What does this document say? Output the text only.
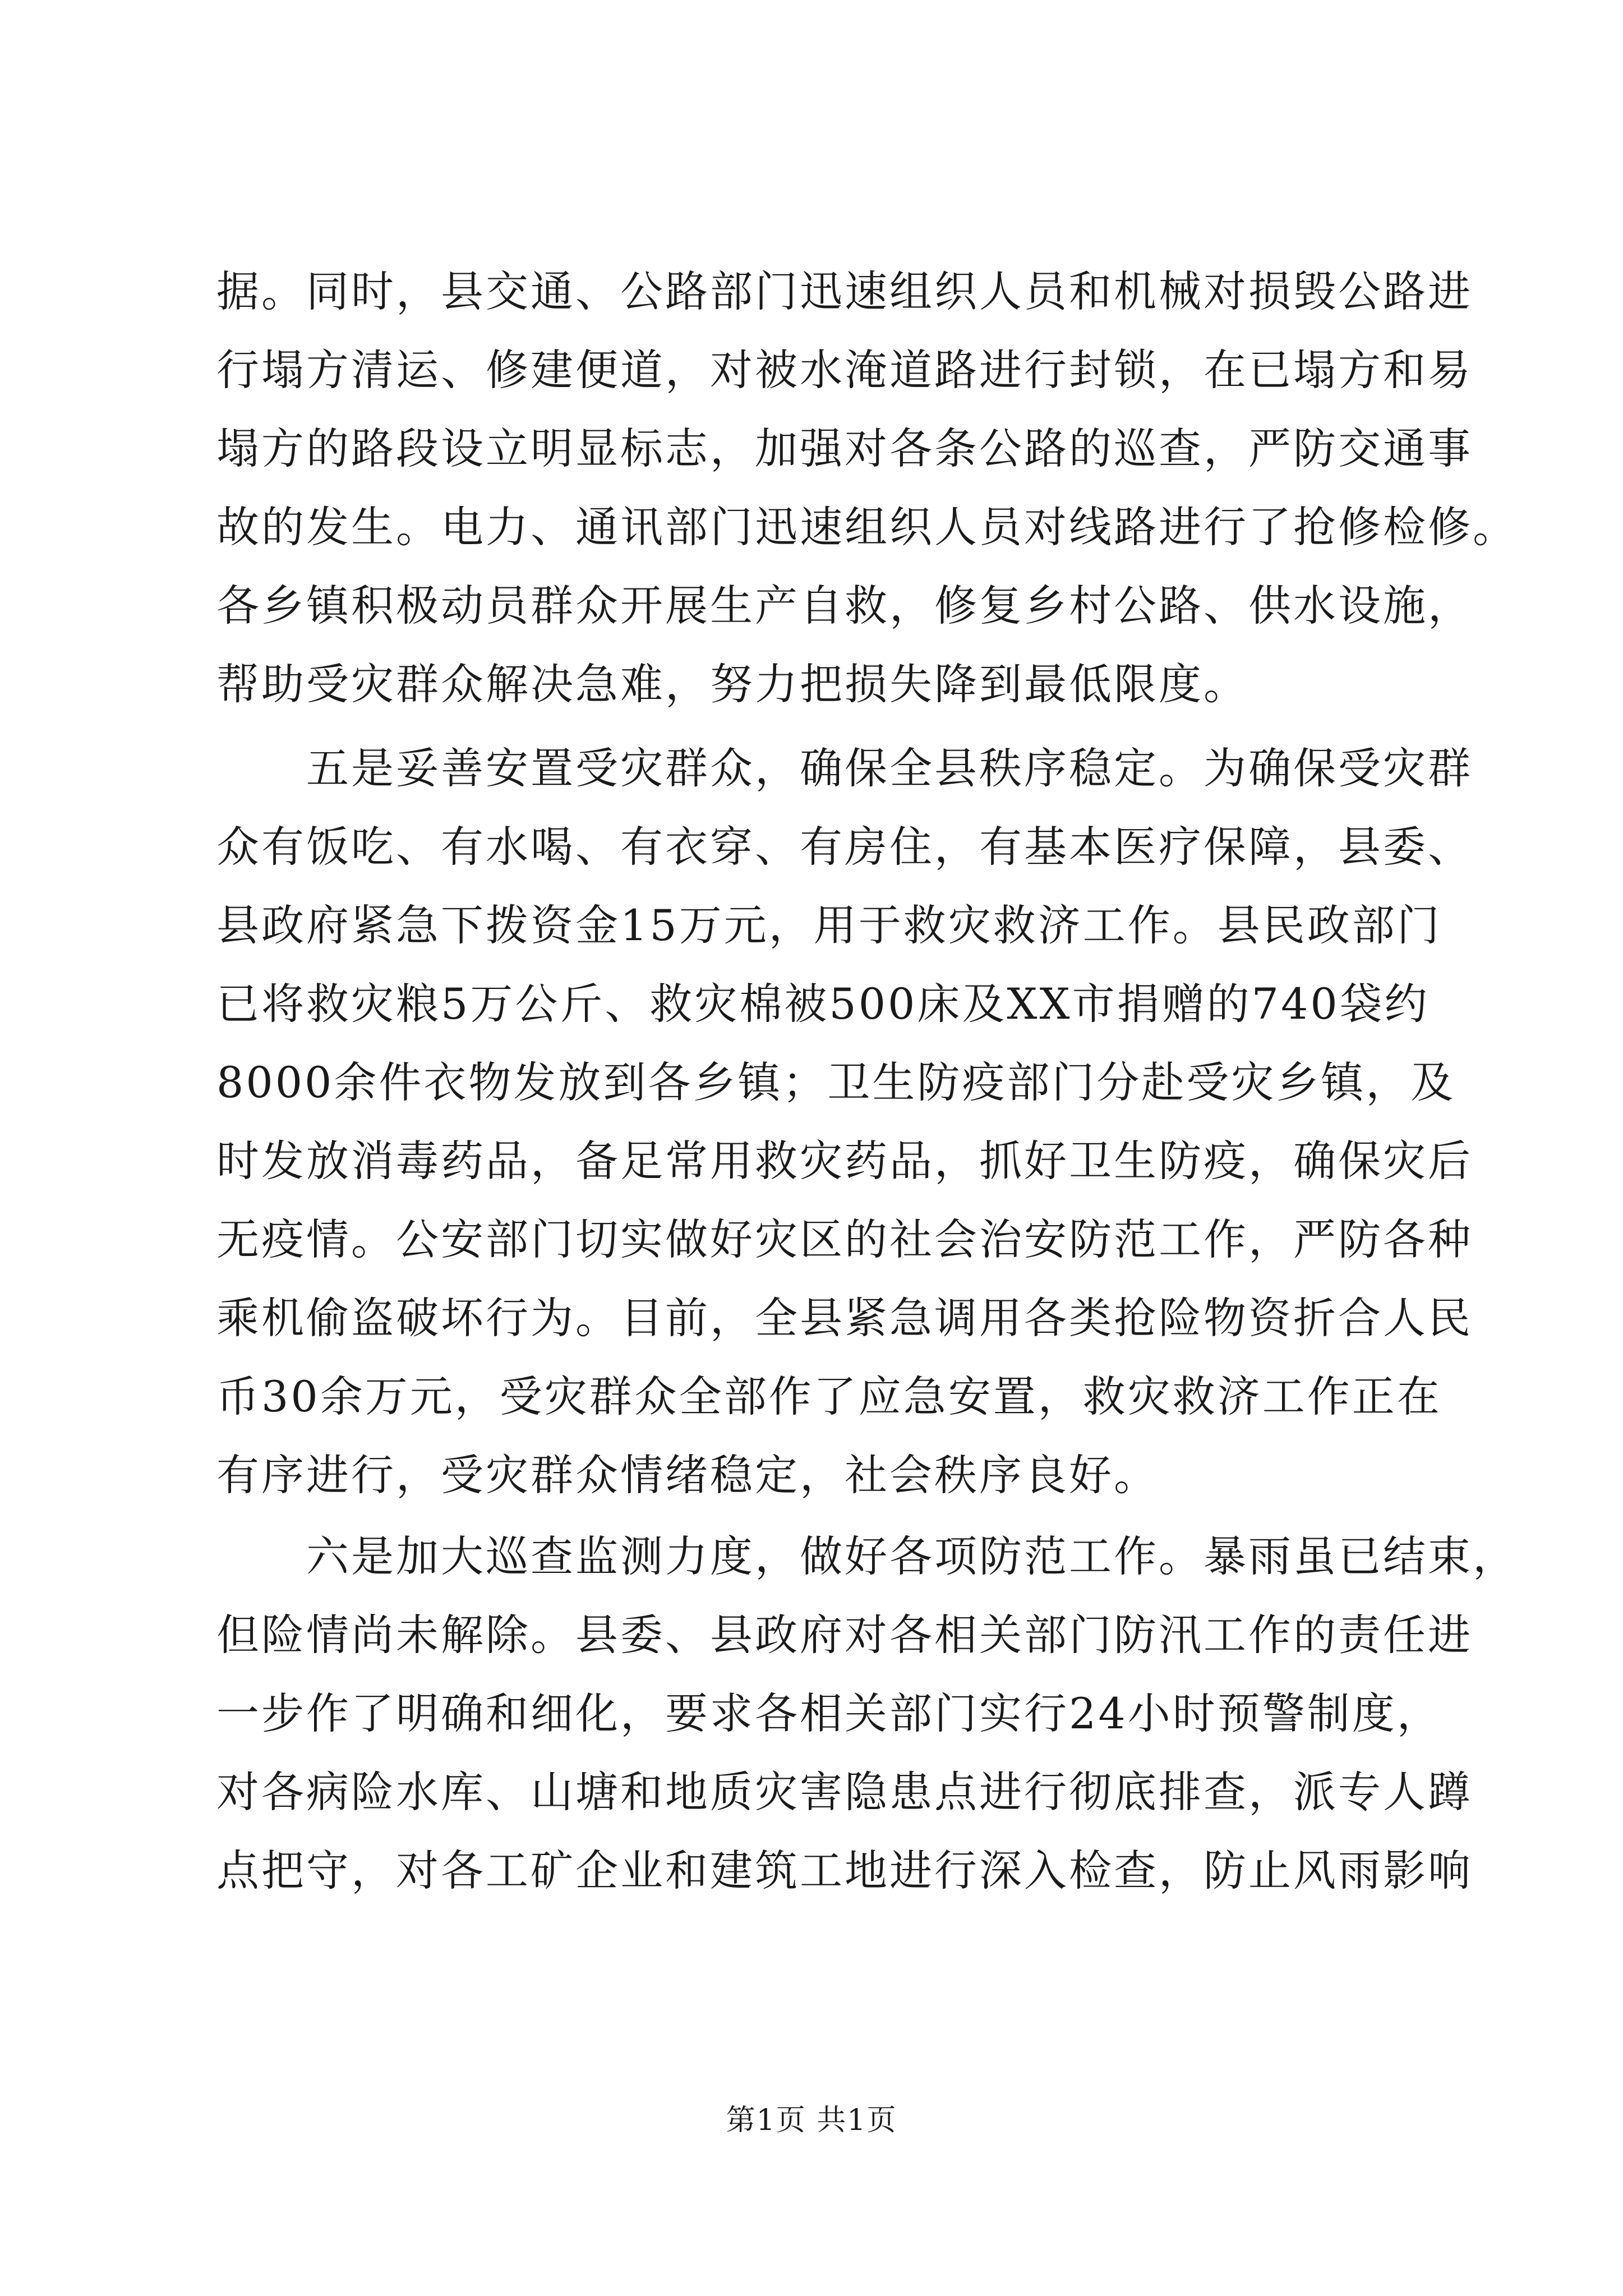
据。同时，县交通、公路部门迅速组织人员和机械对损毁公路进
行塌方清运、修建便道，对被水淹道路进行封锁，在已塌方和易
塌方的路段设立明显标志，加强对各条公路的巡查，严防交通事
故的发生。电力、通讯部门迅速组织人员对线路进行了抢修检修。
各乡镇积极动员群众开展生产自救，修复乡村公路、供水设施，
帮助受灾群众解决急难，努力把损失降到最低限度。
五是妥善安置受灾群众，确保全县秩序稳定。为确保受灾群
众有饭吃、有水喝、有衣穿、有房住，有基本医疗保障，县委、
县政府紧急下拨资金15万元，用于救灾救济工作。县民政部门
已将救灾粮5万公斤、救灾棉被500床及XX市捐赠的740袋约
8000余件衣物发放到各乡镇；卫生防疫部门分赴受灾乡镇，及
时发放消毒药品，备足常用救灾药品，抓好卫生防疫，确保灾后
无疫情。公安部门切实做好灾区的社会治安防范工作，严防各种
乘机偷盗破坏行为。目前，全县紧急调用各类抢险物资折合人民
币30余万元，受灾群众全部作了应急安置，救灾救济工作正在
有序进行，受灾群众情绪稳定，社会秩序良好。
六是加大巡查监测力度，做好各项防范工作。暴雨虽已结束，
但险情尚未解除。县委、县政府对各相关部门防汛工作的责任进
一步作了明确和细化，要求各相关部门实行24小时预警制度，
对各病险水库、山塘和地质灾害隐患点进行彻底排查，派专人蹲
点把守，对各工矿企业和建筑工地进行深入检查，防止风雨影响
第1页 共1页
